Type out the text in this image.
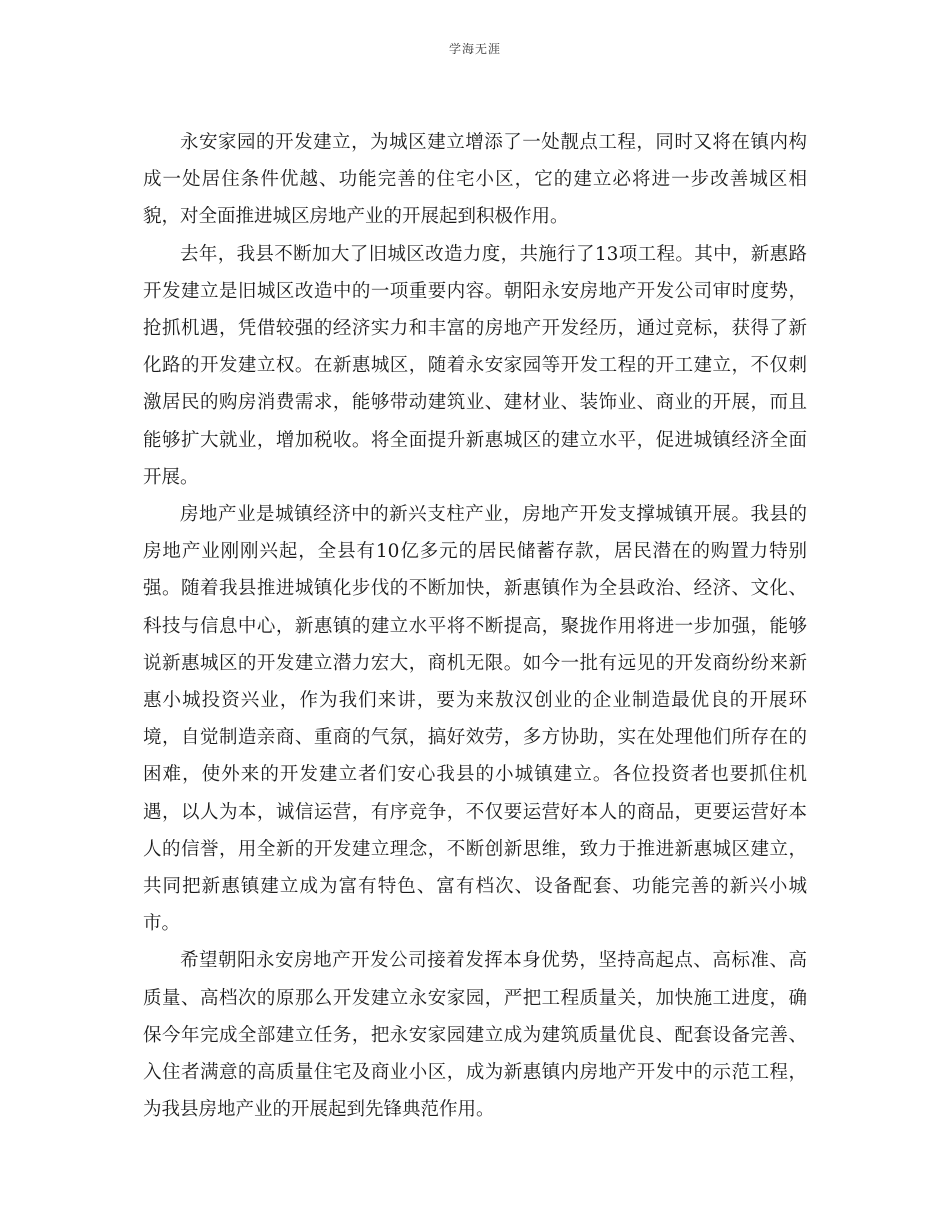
学海无涯

永安家园的开发建立，为城区建立增添了一处靓点工程，同时又将在镇内构成一处居住条件优越、功能完善的住宅小区，它的建立必将进一步改善城区相貌，对全面推进城区房地产业的开展起到积极作用。

去年，我县不断加大了旧城区改造力度，共施行了13项工程。其中，新惠路开发建立是旧城区改造中的一项重要内容。朝阳永安房地产开发公司审时度势，抢抓机遇，凭借较强的经济实力和丰富的房地产开发经历，通过竞标，获得了新化路的开发建立权。在新惠城区，随着永安家园等开发工程的开工建立，不仅刺激居民的购房消费需求，能够带动建筑业、建材业、装饰业、商业的开展，而且能够扩大就业，增加税收。将全面提升新惠城区的建立水平，促进城镇经济全面开展。

房地产业是城镇经济中的新兴支柱产业，房地产开发支撑城镇开展。我县的房地产业刚刚兴起，全县有10亿多元的居民储蓄存款，居民潜在的购置力特别强。随着我县推进城镇化步伐的不断加快，新惠镇作为全县政治、经济、文化、科技与信息中心，新惠镇的建立水平将不断提高，聚拢作用将进一步加强，能够说新惠城区的开发建立潜力宏大，商机无限。如今一批有远见的开发商纷纷来新惠小城投资兴业，作为我们来讲，要为来敖汉创业的企业制造最优良的开展环境，自觉制造亲商、重商的气氛，搞好效劳，多方协助，实在处理他们所存在的困难，使外来的开发建立者们安心我县的小城镇建立。各位投资者也要抓住机遇，以人为本，诚信运营，有序竞争，不仅要运营好本人的商品，更要运营好本人的信誉，用全新的开发建立理念，不断创新思维，致力于推进新惠城区建立，共同把新惠镇建立成为富有特色、富有档次、设备配套、功能完善的新兴小城市。

希望朝阳永安房地产开发公司接着发挥本身优势，坚持高起点、高标准、高质量、高档次的原那么开发建立永安家园，严把工程质量关，加快施工进度，确保今年完成全部建立任务，把永安家园建立成为建筑质量优良、配套设备完善、入住者满意的高质量住宅及商业小区，成为新惠镇内房地产开发中的示范工程，为我县房地产业的开展起到先锋典范作用。
